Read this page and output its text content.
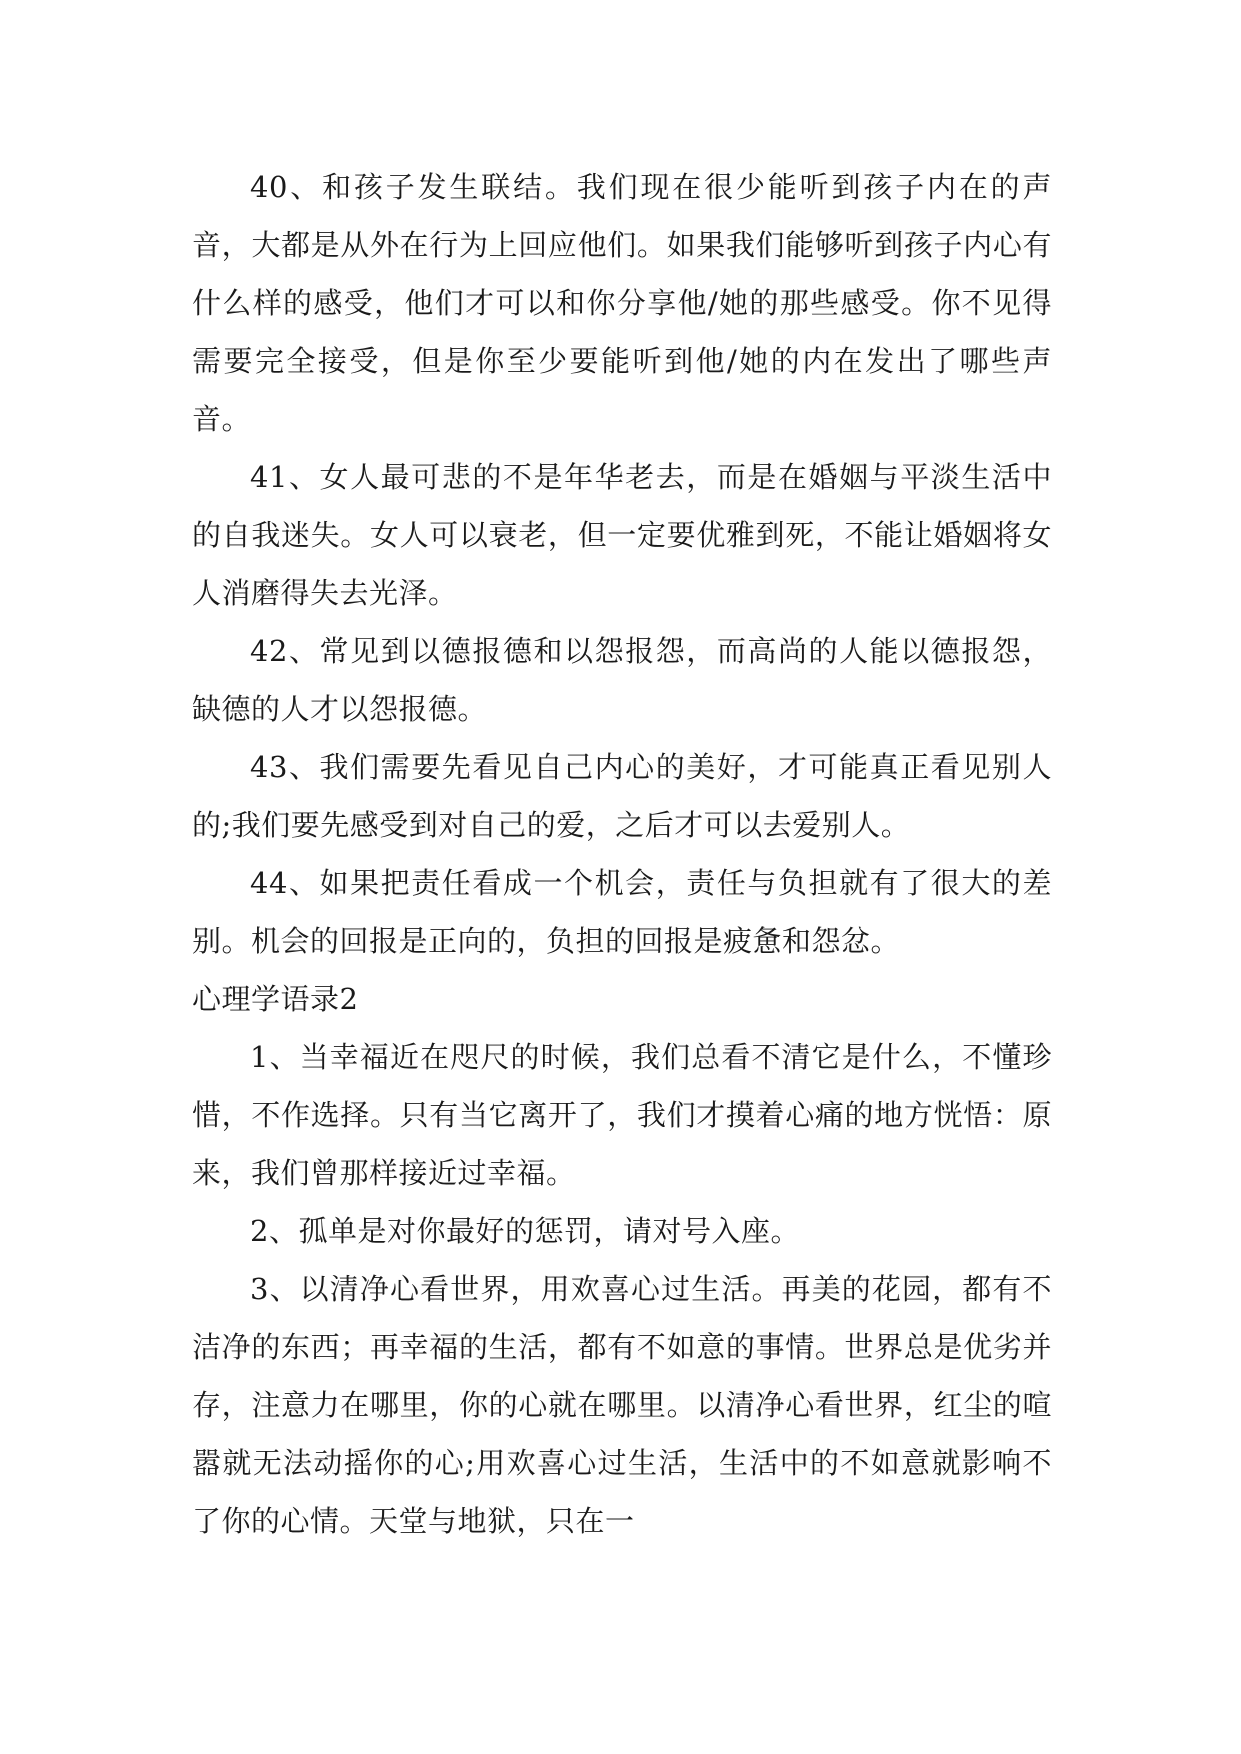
40、和孩子发生联结。我们现在很少能听到孩子内在的声音，大都是从外在行为上回应他们。如果我们能够听到孩子内心有什么样的感受，他们才可以和你分享他/她的那些感受。你不见得需要完全接受，但是你至少要能听到他/她的内在发出了哪些声音。

41、女人最可悲的不是年华老去，而是在婚姻与平淡生活中的自我迷失。女人可以衰老，但一定要优雅到死，不能让婚姻将女人消磨得失去光泽。

42、常见到以德报德和以怨报怨，而高尚的人能以德报怨，缺德的人才以怨报德。

43、我们需要先看见自己内心的美好，才可能真正看见别人的;我们要先感受到对自己的爱，之后才可以去爱别人。

44、如果把责任看成一个机会，责任与负担就有了很大的差别。机会的回报是正向的，负担的回报是疲惫和怨忿。

心理学语录2

1、当幸福近在咫尺的时候，我们总看不清它是什么，不懂珍惜，不作选择。只有当它离开了，我们才摸着心痛的地方恍悟：原来，我们曾那样接近过幸福。

2、孤单是对你最好的惩罚，请对号入座。

3、以清净心看世界，用欢喜心过生活。再美的花园，都有不洁净的东西；再幸福的生活，都有不如意的事情。世界总是优劣并存，注意力在哪里，你的心就在哪里。以清净心看世界，红尘的喧嚣就无法动摇你的心;用欢喜心过生活，生活中的不如意就影响不了你的心情。天堂与地狱，只在一
